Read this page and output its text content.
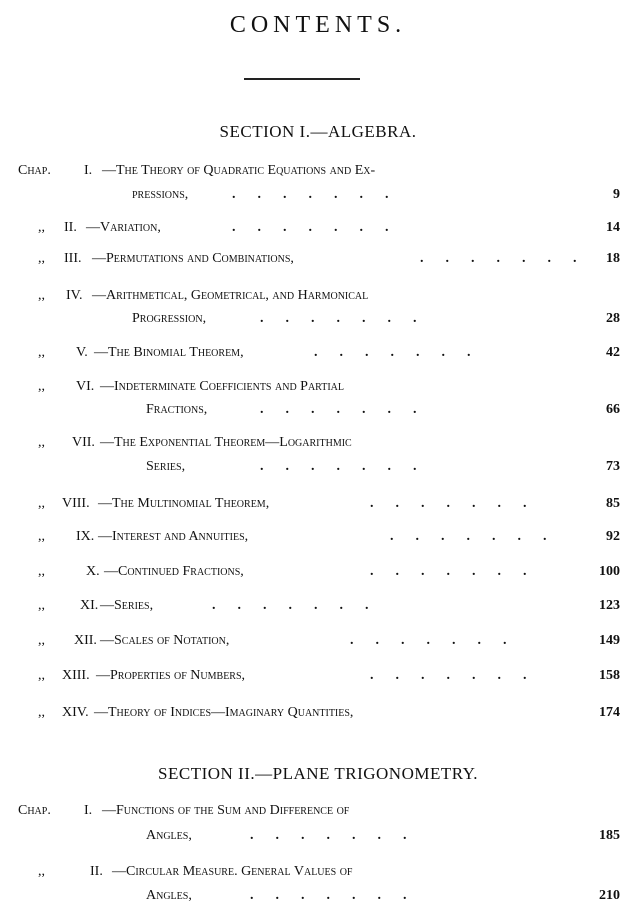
CONTENTS.
SECTION I.—ALGEBRA.
Chap. I. —The Theory of Quadratic Equations and Ex-
pressions,	.......	9
,, II. —Variation,	.......	14
,, III. —Permutations and Combinations,	....... 18
,, IV. —Arithmetical, Geometrical, and Harmonical
Progression,	.......	28
,, V. —The Binomial Theorem,	.......	42
,, VI. —Indeterminate Coefficients and Partial
Fractions,	.......	66
,, VII. —The Exponential Theorem—Logarithmic
Series,	.......	73
,, VIII. —The Multinomial Theorem,	.......	85
,, IX. —Interest and Annuities,	.......	92
,,	X. —Continued Fractions,	.......	100
,,	XI. —Series,	.......	123
,, XII. —Scales of Notation,	.......	149
,, XIII. —Properties of Numbers,	.......	158
,, XIV. —Theory of Indices—Imaginary Quantities,	174
SECTION II.—PLANE TRIGONOMETRY.
Chap. I. —Functions of the Sum and Difference of
Angles,	.......	185
,,	II. —Circular Measure. General Values of
Angles,	.......	210
